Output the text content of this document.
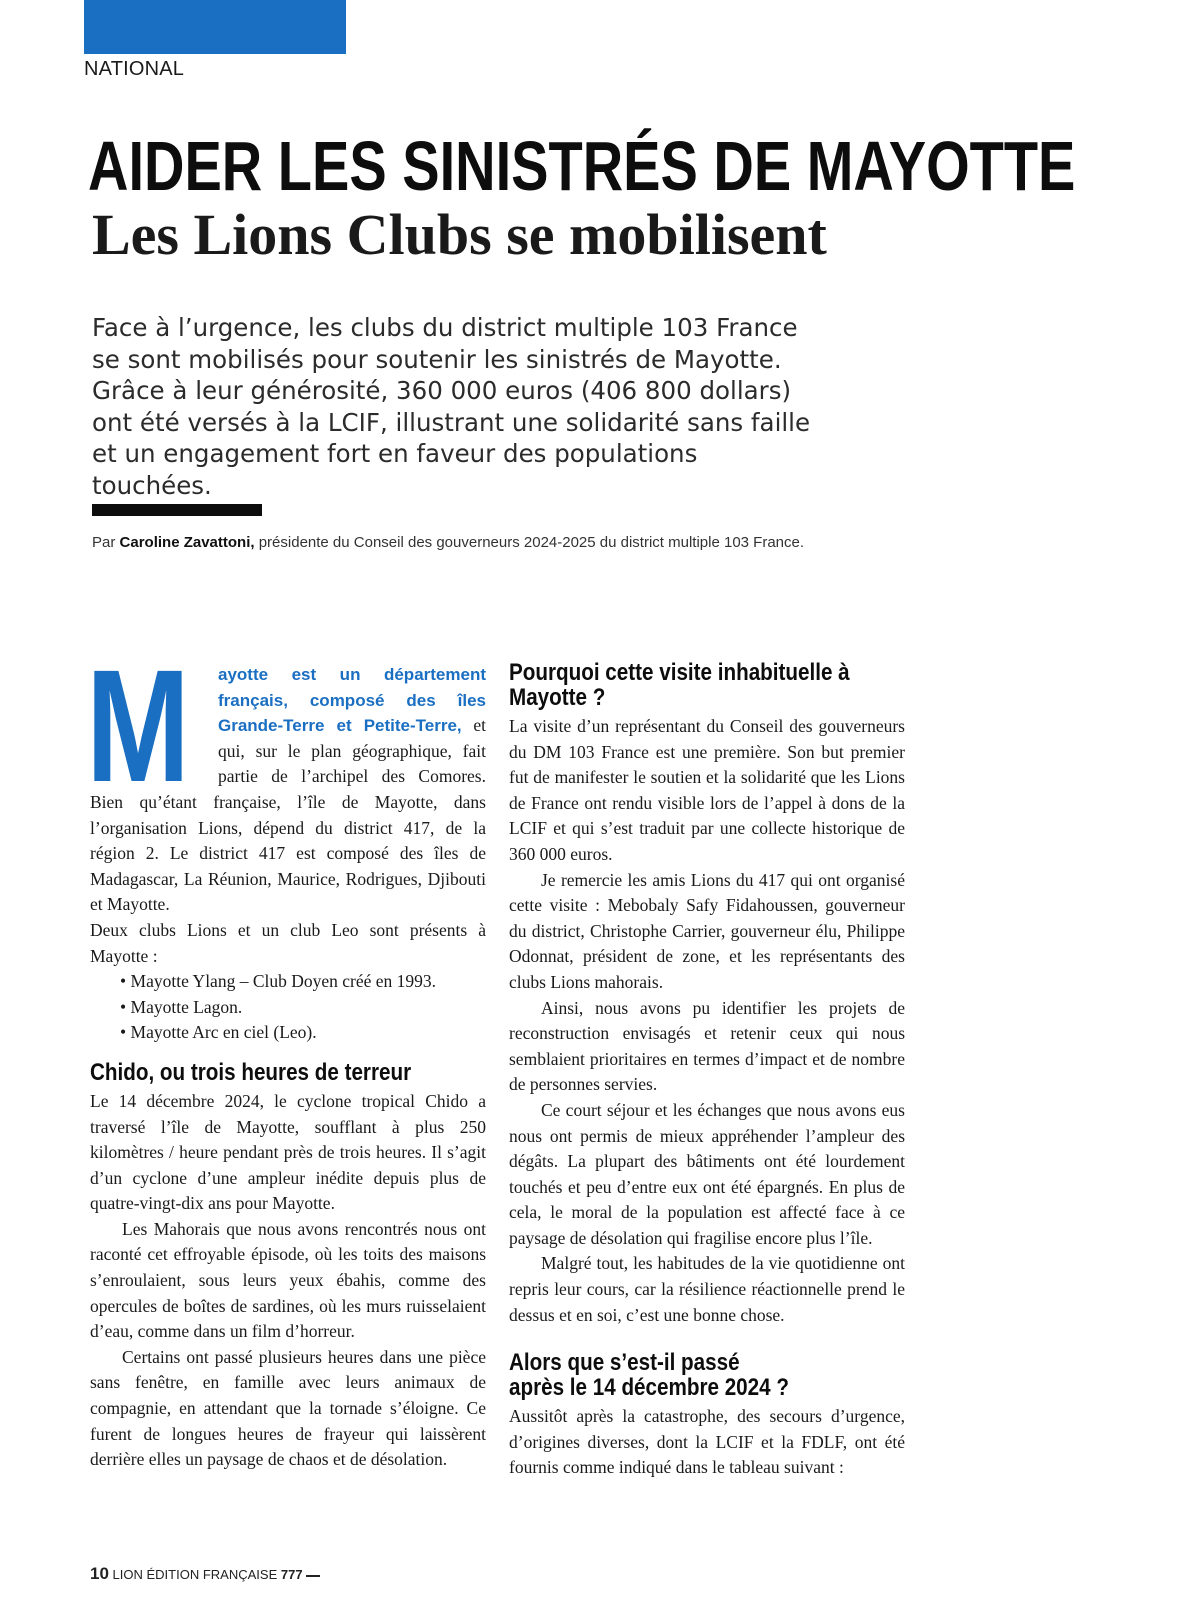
NATIONAL
AIDER LES SINISTRÉS DE MAYOTTE
Les Lions Clubs se mobilisent

Face à l’urgence, les clubs du district multiple 103 France se sont mobilisés pour soutenir les sinistrés de Mayotte. Grâce à leur générosité, 360 000 euros (406 800 dollars) ont été versés à la LCIF, illustrant une solidarité sans faille et un engagement fort en faveur des populations touchées.

Par Caroline Zavattoni, présidente du Conseil des gouverneurs 2024-2025 du district multiple 103 France.

M ayotte est un département français, composé des îles Grande-Terre et Petite-Terre, et qui, sur le plan géographique, fait partie de l’archipel des Comores. Bien qu’étant française, l’île de Mayotte, dans l’organisation Lions, dépend du district 417, de la région 2. Le district 417 est composé des îles de Madagascar, La Réunion, Maurice, Rodrigues, Djibouti et Mayotte.

Deux clubs Lions et un club Leo sont présents à Mayotte :

• Mayotte Ylang – Club Doyen créé en 1993.
• Mayotte Lagon.
• Mayotte Arc en ciel (Leo).
Chido, ou trois heures de terreur

Le 14 décembre 2024, le cyclone tropical Chido a traversé l’île de Mayotte, soufflant à plus 250 kilomètres / heure pendant près de trois heures. Il s’agit d’un cyclone d’une ampleur inédite depuis plus de quatre-vingt-dix ans pour Mayotte.

Les Mahorais que nous avons rencontrés nous ont raconté cet effroyable épisode, où les toits des maisons s’enroulaient, sous leurs yeux ébahis, comme des opercules de boîtes de sardines, où les murs ruisselaient d’eau, comme dans un film d’horreur.

Certains ont passé plusieurs heures dans une pièce sans fenêtre, en famille avec leurs animaux de compagnie, en attendant que la tornade s’éloigne. Ce furent de longues heures de frayeur qui laissèrent derrière elles un paysage de chaos et de désolation.

Pourquoi cette visite inhabituelle à Mayotte ?

La visite d’un représentant du Conseil des gouverneurs du DM 103 France est une première. Son but premier fut de manifester le soutien et la solidarité que les Lions de France ont rendu visible lors de l’appel à dons de la LCIF et qui s’est traduit par une collecte historique de 360 000 euros.

Je remercie les amis Lions du 417 qui ont organisé cette visite : Mebobaly Safy Fidahoussen, gouverneur du district, Christophe Carrier, gouverneur élu, Philippe Odonnat, président de zone, et les représentants des clubs Lions mahorais.

Ainsi, nous avons pu identifier les projets de reconstruction envisagés et retenir ceux qui nous semblaient prioritaires en termes d’impact et de nombre de personnes servies.

Ce court séjour et les échanges que nous avons eus nous ont permis de mieux appréhender l’ampleur des dégâts. La plupart des bâtiments ont été lourdement touchés et peu d’entre eux ont été épargnés. En plus de cela, le moral de la population est affecté face à ce paysage de désolation qui fragilise encore plus l’île.

Malgré tout, les habitudes de la vie quotidienne ont repris leur cours, car la résilience réactionnelle prend le dessus et en soi, c’est une bonne chose.

Alors que s’est-il passé
après le 14 décembre 2024 ?

Aussitôt après la catastrophe, des secours d’urgence, d’origines diverses, dont la LCIF et la FDLF, ont été fournis comme indiqué dans le tableau suivant :

10 LION ÉDITION FRANÇAISE 777
